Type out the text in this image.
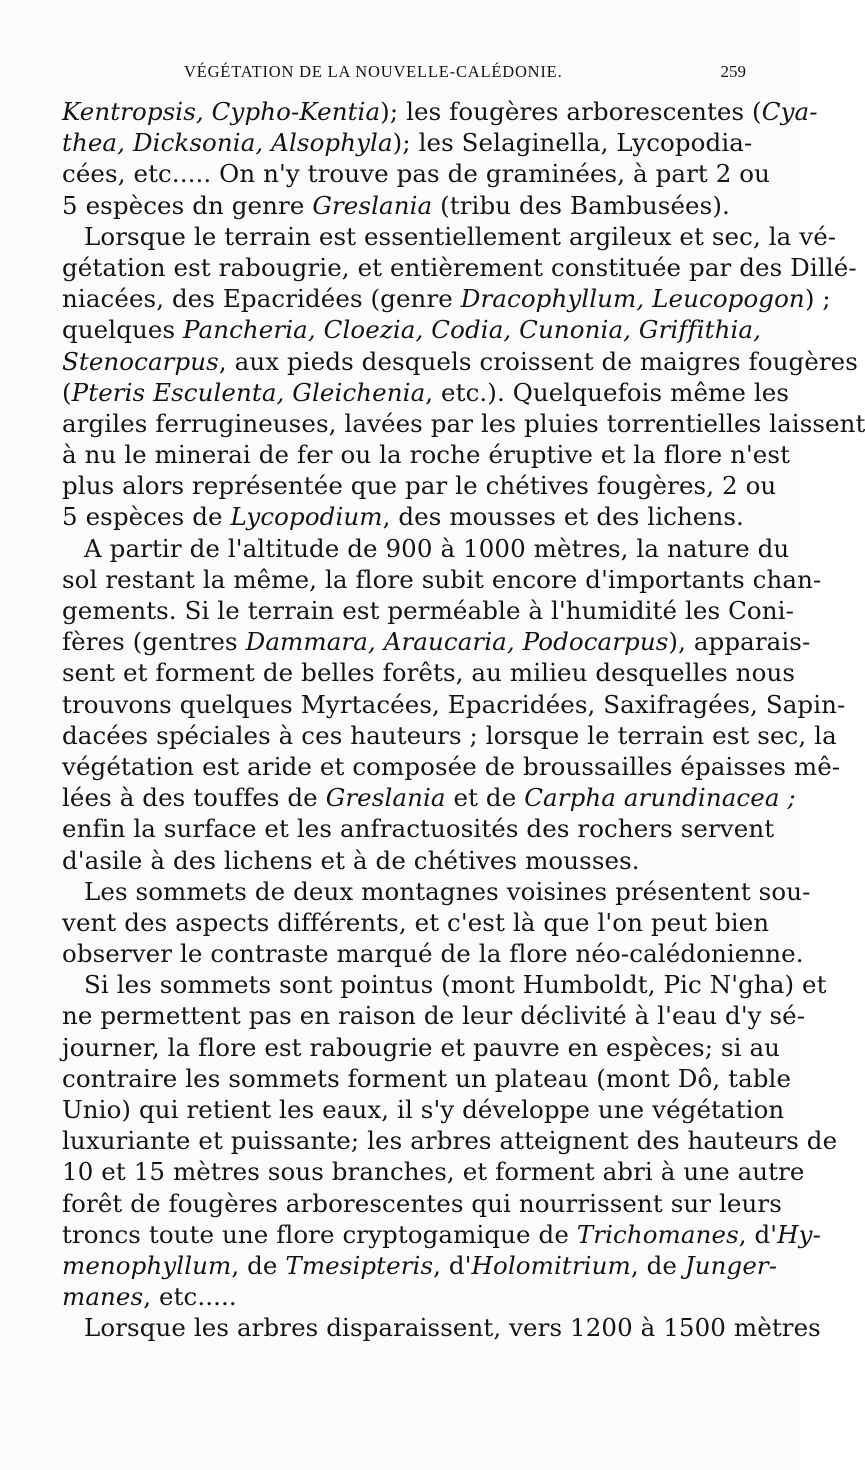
VÉGÉTATION DE LA NOUVELLE-CALÉDONIE.	259
Kentropsis, Cypho-Kentia); les fougères arborescentes (Cya-
thea, Dicksonia, Alsophyla); les Selaginella, Lycopodia-
cées, etc..... On n'y trouve pas de graminées, à part 2 ou
5 espèces dn genre Greslania (tribu des Bambusées).
Lorsque le terrain est essentiellement argileux et sec, la vé-
gétation est rabougrie, et entièrement constituée par des Dillé-
niacées, des Epacridées (genre Dracophyllum, Leucopogon) ;
quelques Pancheria, Cloezia, Codia, Cunonia, Griffithia,
Stenocarpus, aux pieds desquels croissent de maigres fougères
(Pteris Esculenta, Gleichenia, etc.). Quelquefois même les
argiles ferrugineuses, lavées par les pluies torrentielles laissent
à nu le minerai de fer ou la roche éruptive et la flore n'est
plus alors représentée que par le chétives fougères, 2 ou
5 espèces de Lycopodium, des mousses et des lichens.
A partir de l'altitude de 900 à 1000 mètres, la nature du
sol restant la même, la flore subit encore d'importants chan-
gements. Si le terrain est perméable à l'humidité les Coni-
fères (gentres Dammara, Araucaria, Podocarpus), apparais-
sent et forment de belles forêts, au milieu desquelles nous
trouvons quelques Myrtacées, Epacridées, Saxifragées, Sapin-
dacées spéciales à ces hauteurs ; lorsque le terrain est sec, la
végétation est aride et composée de broussailles épaisses mê-
lées à des touffes de Greslania et de Carpha arundinacea ;
enfin la surface et les anfractuosités des rochers servent
d'asile à des lichens et à de chétives mousses.
Les sommets de deux montagnes voisines présentent sou-
vent des aspects différents, et c'est là que l'on peut bien
observer le contraste marqué de la flore néo-calédonienne.
Si les sommets sont pointus (mont Humboldt, Pic N'gha) et
ne permettent pas en raison de leur déclivité à l'eau d'y sé-
journer, la flore est rabougrie et pauvre en espèces; si au
contraire les sommets forment un plateau (mont Dô, table
Unio) qui retient les eaux, il s'y développe une végétation
luxuriante et puissante; les arbres atteignent des hauteurs de
10 et 15 mètres sous branches, et forment abri à une autre
forêt de fougères arborescentes qui nourrissent sur leurs
troncs toute une flore cryptogamique de Trichomanes, d'Hy-
menophyllum, de Tmesipteris, d'Holomitrium, de Junger-
manes, etc.....
Lorsque les arbres disparaissent, vers 1200 à 1500 mètres
